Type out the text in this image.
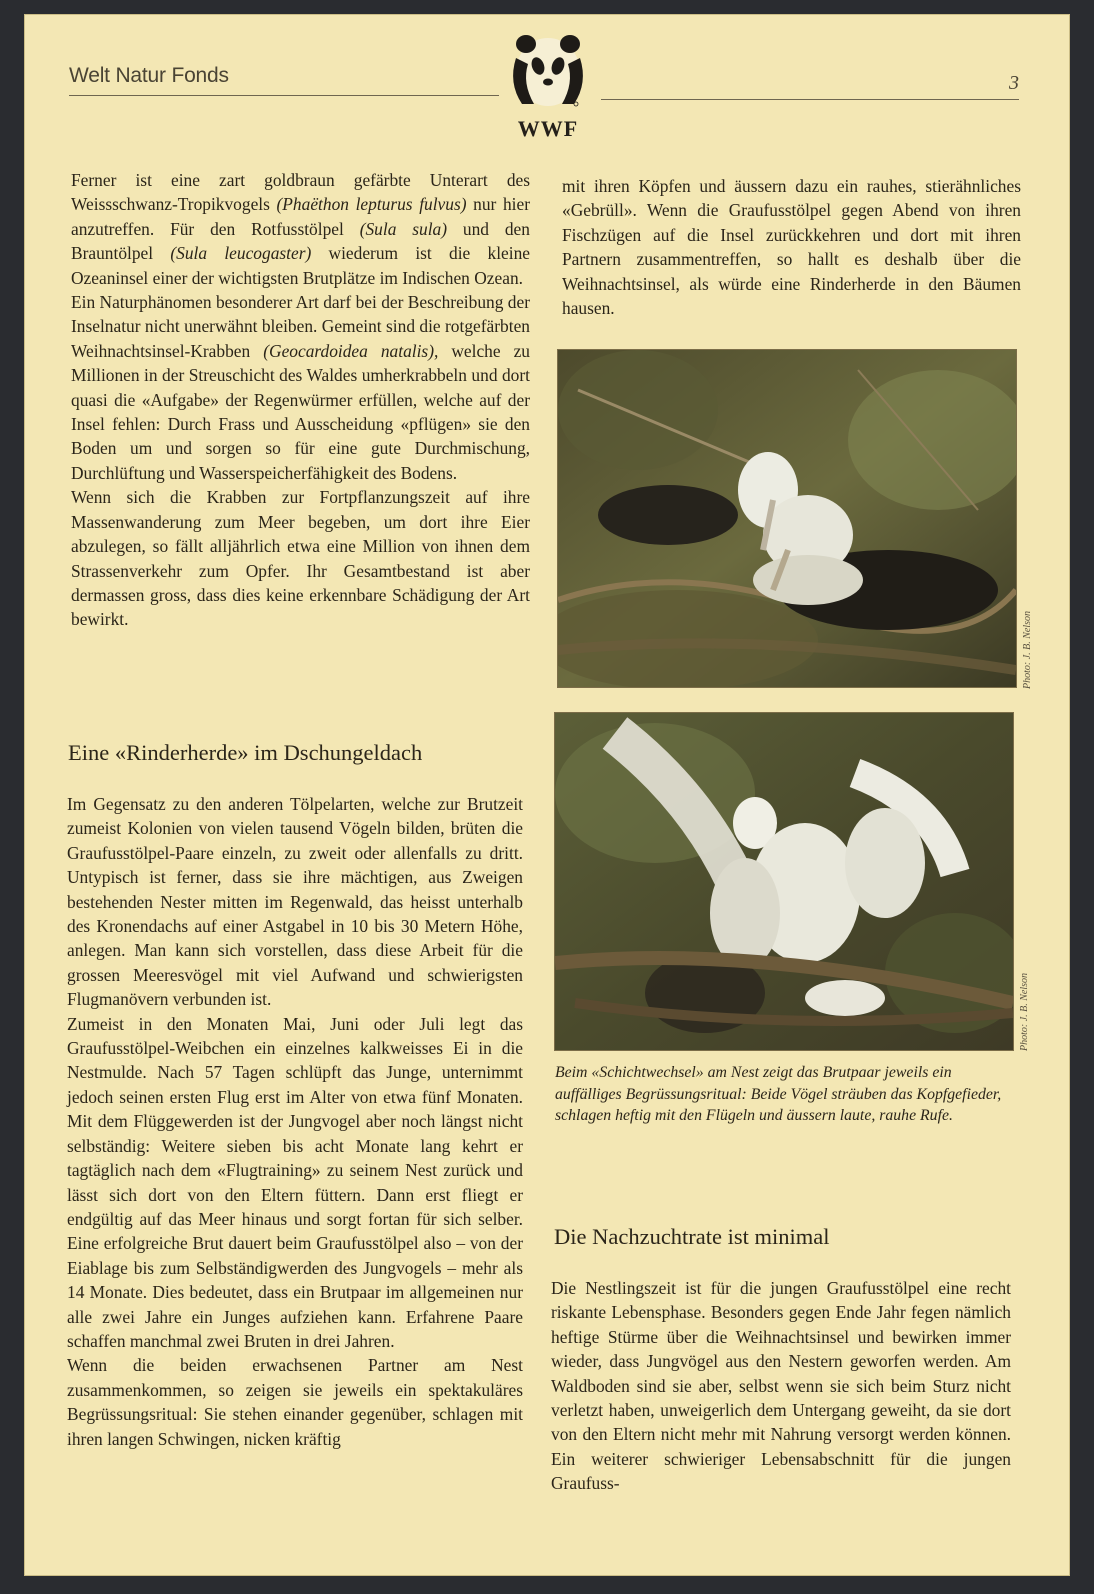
Welt Natur Fonds	3
WWF

Ferner ist eine zart goldbraun gefärbte Unterart des Weissschwanz-Tropikvogels (Phaëthon lepturus fulvus) nur hier anzutreffen. Für den Rotfusstölpel (Sula sula) und den Brauntölpel (Sula leucogaster) wiederum ist die kleine Ozeaninsel einer der wichtigsten Brutplätze im Indischen Ozean.

Ein Naturphänomen besonderer Art darf bei der Beschreibung der Inselnatur nicht unerwähnt bleiben. Gemeint sind die rotgefärbten Weihnachtsinsel-Krabben (Geocardoidea natalis), welche zu Millionen in der Streuschicht des Waldes umherkrabbeln und dort quasi die «Aufgabe» der Regenwürmer erfüllen, welche auf der Insel fehlen: Durch Frass und Ausscheidung «pflügen» sie den Boden um und sorgen so für eine gute Durchmischung, Durchlüftung und Wasserspeicherfähigkeit des Bodens.

Wenn sich die Krabben zur Fortpflanzungszeit auf ihre Massenwanderung zum Meer begeben, um dort ihre Eier abzulegen, so fällt alljährlich etwa eine Million von ihnen dem Strassenverkehr zum Opfer. Ihr Gesamtbestand ist aber dermassen gross, dass dies keine erkennbare Schädigung der Art bewirkt.

Eine «Rinderherde» im Dschungeldach

Im Gegensatz zu den anderen Tölpelarten, welche zur Brutzeit zumeist Kolonien von vielen tausend Vögeln bilden, brüten die Graufusstölpel-Paare einzeln, zu zweit oder allenfalls zu dritt. Untypisch ist ferner, dass sie ihre mächtigen, aus Zweigen bestehenden Nester mitten im Regenwald, das heisst unterhalb des Kronendachs auf einer Astgabel in 10 bis 30 Metern Höhe, anlegen. Man kann sich vorstellen, dass diese Arbeit für die grossen Meeresvögel mit viel Aufwand und schwierigsten Flugmanövern verbunden ist.

Zumeist in den Monaten Mai, Juni oder Juli legt das Graufusstölpel-Weibchen ein einzelnes kalkweisses Ei in die Nestmulde. Nach 57 Tagen schlüpft das Junge, unternimmt jedoch seinen ersten Flug erst im Alter von etwa fünf Monaten. Mit dem Flüggewerden ist der Jungvogel aber noch längst nicht selbständig: Weitere sieben bis acht Monate lang kehrt er tagtäglich nach dem «Flugtraining» zu seinem Nest zurück und lässt sich dort von den Eltern füttern. Dann erst fliegt er endgültig auf das Meer hinaus und sorgt fortan für sich selber. Eine erfolgreiche Brut dauert beim Graufusstölpel also – von der Eiablage bis zum Selbständigwerden des Jungvogels – mehr als 14 Monate. Dies bedeutet, dass ein Brutpaar im allgemeinen nur alle zwei Jahre ein Junges aufziehen kann. Erfahrene Paare schaffen manchmal zwei Bruten in drei Jahren.

Wenn die beiden erwachsenen Partner am Nest zusammenkommen, so zeigen sie jeweils ein spektakuläres Begrüssungsritual: Sie stehen einander gegenüber, schlagen mit ihren langen Schwingen, nicken kräftig

mit ihren Köpfen und äussern dazu ein rauhes, stierähnliches «Gebrüll». Wenn die Graufusstölpel gegen Abend von ihren Fischzügen auf die Insel zurückkehren und dort mit ihren Partnern zusammentreffen, so hallt es deshalb über die Weihnachtsinsel, als würde eine Rinderherde in den Bäumen hausen.

Photo: J. B. Nelson
Photo: J. B. Nelson
Beim «Schichtwechsel» am Nest zeigt das Brutpaar jeweils ein auffälliges Begrüssungsritual: Beide Vögel sträuben das Kopfgefieder, schlagen heftig mit den Flügeln und äussern laute, rauhe Rufe.
Die Nachzuchtrate ist minimal

Die Nestlingszeit ist für die jungen Graufusstölpel eine recht riskante Lebensphase. Besonders gegen Ende Jahr fegen nämlich heftige Stürme über die Weihnachtsinsel und bewirken immer wieder, dass Jungvögel aus den Nestern geworfen werden. Am Waldboden sind sie aber, selbst wenn sie sich beim Sturz nicht verletzt haben, unweigerlich dem Untergang geweiht, da sie dort von den Eltern nicht mehr mit Nahrung versorgt werden können. Ein weiterer schwieriger Lebensabschnitt für die jungen Graufuss-
